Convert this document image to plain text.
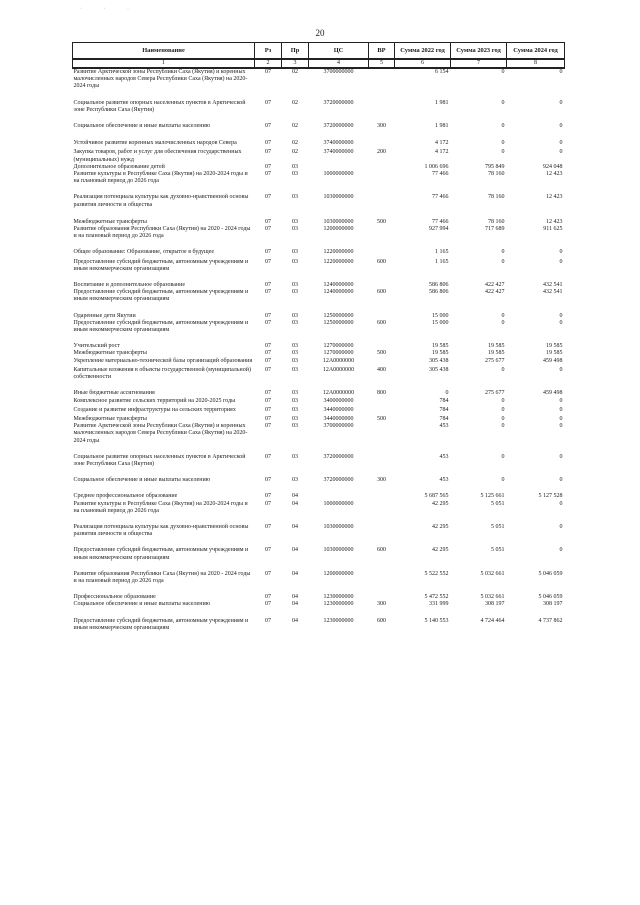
· · ·
20
Наименование	Рз	Пр	ЦС	ВР	Сумма 2022 год	Сумма 2023 год	Сумма 2024 год
1	2	3	4	5	6	7	8
Развитие Арктической зоны Республики Саха (Якутия) и коренных малочисленных народов Севера Республики Саха (Якутия) на 2020-2024 годы	07	02	3700000000		6 154	0	0
Социальное развитие опорных населенных пунктов в Арктической зоне Республики Саха (Якутия)	07	02	3720000000		1 981	0	0
Социальное обеспечение и иные выплаты населению	07	02	3720000000	300	1 981	0	0
Устойчивое развитие коренных малочисленных народов Севера	07	02	3740000000		4 172	0	0
Закупка товаров, работ и услуг для обеспечения государственных (муниципальных) нужд	07	02	3740000000	200	4 172	0	0
Дополнительное образование детей	07	03			1 006 696	795 849	924 048
Развитие культуры в Республике Саха (Якутия) на 2020-2024 годы и на плановый период до 2026 года	07	03	1000000000		77 466	78 160	12 423
Реализация потенциала культуры как духовно-нравственной основы развития личности и общества	07	03	1030000000		77 466	78 160	12 423
Межбюджетные трансферты	07	03	1030000000	500	77 466	78 160	12 423
Развитие образования Республики Саха (Якутия) на 2020 - 2024 годы и на плановый период до 2026 года	07	03	1200000000		927 994	717 689	911 625
Общее образование: Образование, открытое в будущее	07	03	1220000000		1 165	0	0
Предоставление субсидий бюджетным, автономным учреждениям и иным некоммерческим организациям	07	03	1220000000	600	1 165	0	0
Воспитание и дополнительное образование	07	03	1240000000		586 806	422 427	432 541
Предоставление субсидий бюджетным, автономным учреждениям и иным некоммерческим организациям	07	03	1240000000	600	586 806	422 427	432 541
Одаренные дети Якутии	07	03	1250000000		15 000	0	0
Предоставление субсидий бюджетным, автономным учреждениям и иным некоммерческим организациям	07	03	1250000000	600	15 000	0	0
Учительский рост	07	03	1270000000		19 585	19 585	19 585
Межбюджетные трансферты	07	03	1270000000	500	19 585	19 585	19 585
Укрепление материально-технической базы организаций образования	07	03	12А0000000		305 438	275 677	459 498
Капитальные вложения в объекты государственной (муниципальной) собственности	07	03	12А0000000	400	305 438	0	0
Иные бюджетные ассигнования	07	03	12А0000000	800	0	275 677	459 498
Комплексное развитие сельских территорий на 2020-2025 годы	07	03	3400000000		784	0	0
Создание и развитие инфраструктуры на сельских территориях	07	03	3440000000		784	0	0
Межбюджетные трансферты	07	03	3440000000	500	784	0	0
Развитие Арктической зоны Республики Саха (Якутия) и коренных малочисленных народов Севера Республики Саха (Якутия) на 2020-2024 годы	07	03	3700000000		453	0	0
Социальное развитие опорных населенных пунктов в Арктической зоне Республики Саха (Якутия)	07	03	3720000000		453	0	0
Социальное обеспечение и иные выплаты населению	07	03	3720000000	300	453	0	0
Среднее профессиональное образование	07	04			5 687 565	5 125 661	5 127 528
Развитие культуры в Республике Саха (Якутия) на 2020-2024 годы и на плановый период до 2026 года	07	04	1000000000		42 295	5 051	0
Реализация потенциала культуры как духовно-нравственной основы развития личности и общества	07	04	1030000000		42 295	5 051	0
Предоставление субсидий бюджетным, автономным учреждениям и иным некоммерческим организациям	07	04	1030000000	600	42 295	5 051	0
Развитие образования Республики Саха (Якутия) на 2020 - 2024 годы и на плановый период до 2026 года	07	04	1200000000		5 522 552	5 032 661	5 046 059
Профессиональное образование	07	04	1230000000		5 472 552	5 032 661	5 046 059
Социальное обеспечение и иные выплаты населению	07	04	1230000000	300	331 999	308 197	308 197
Предоставление субсидий бюджетным, автономным учреждениям и иным некоммерческим организациям	07	04	1230000000	600	5 140 553	4 724 464	4 737 862
